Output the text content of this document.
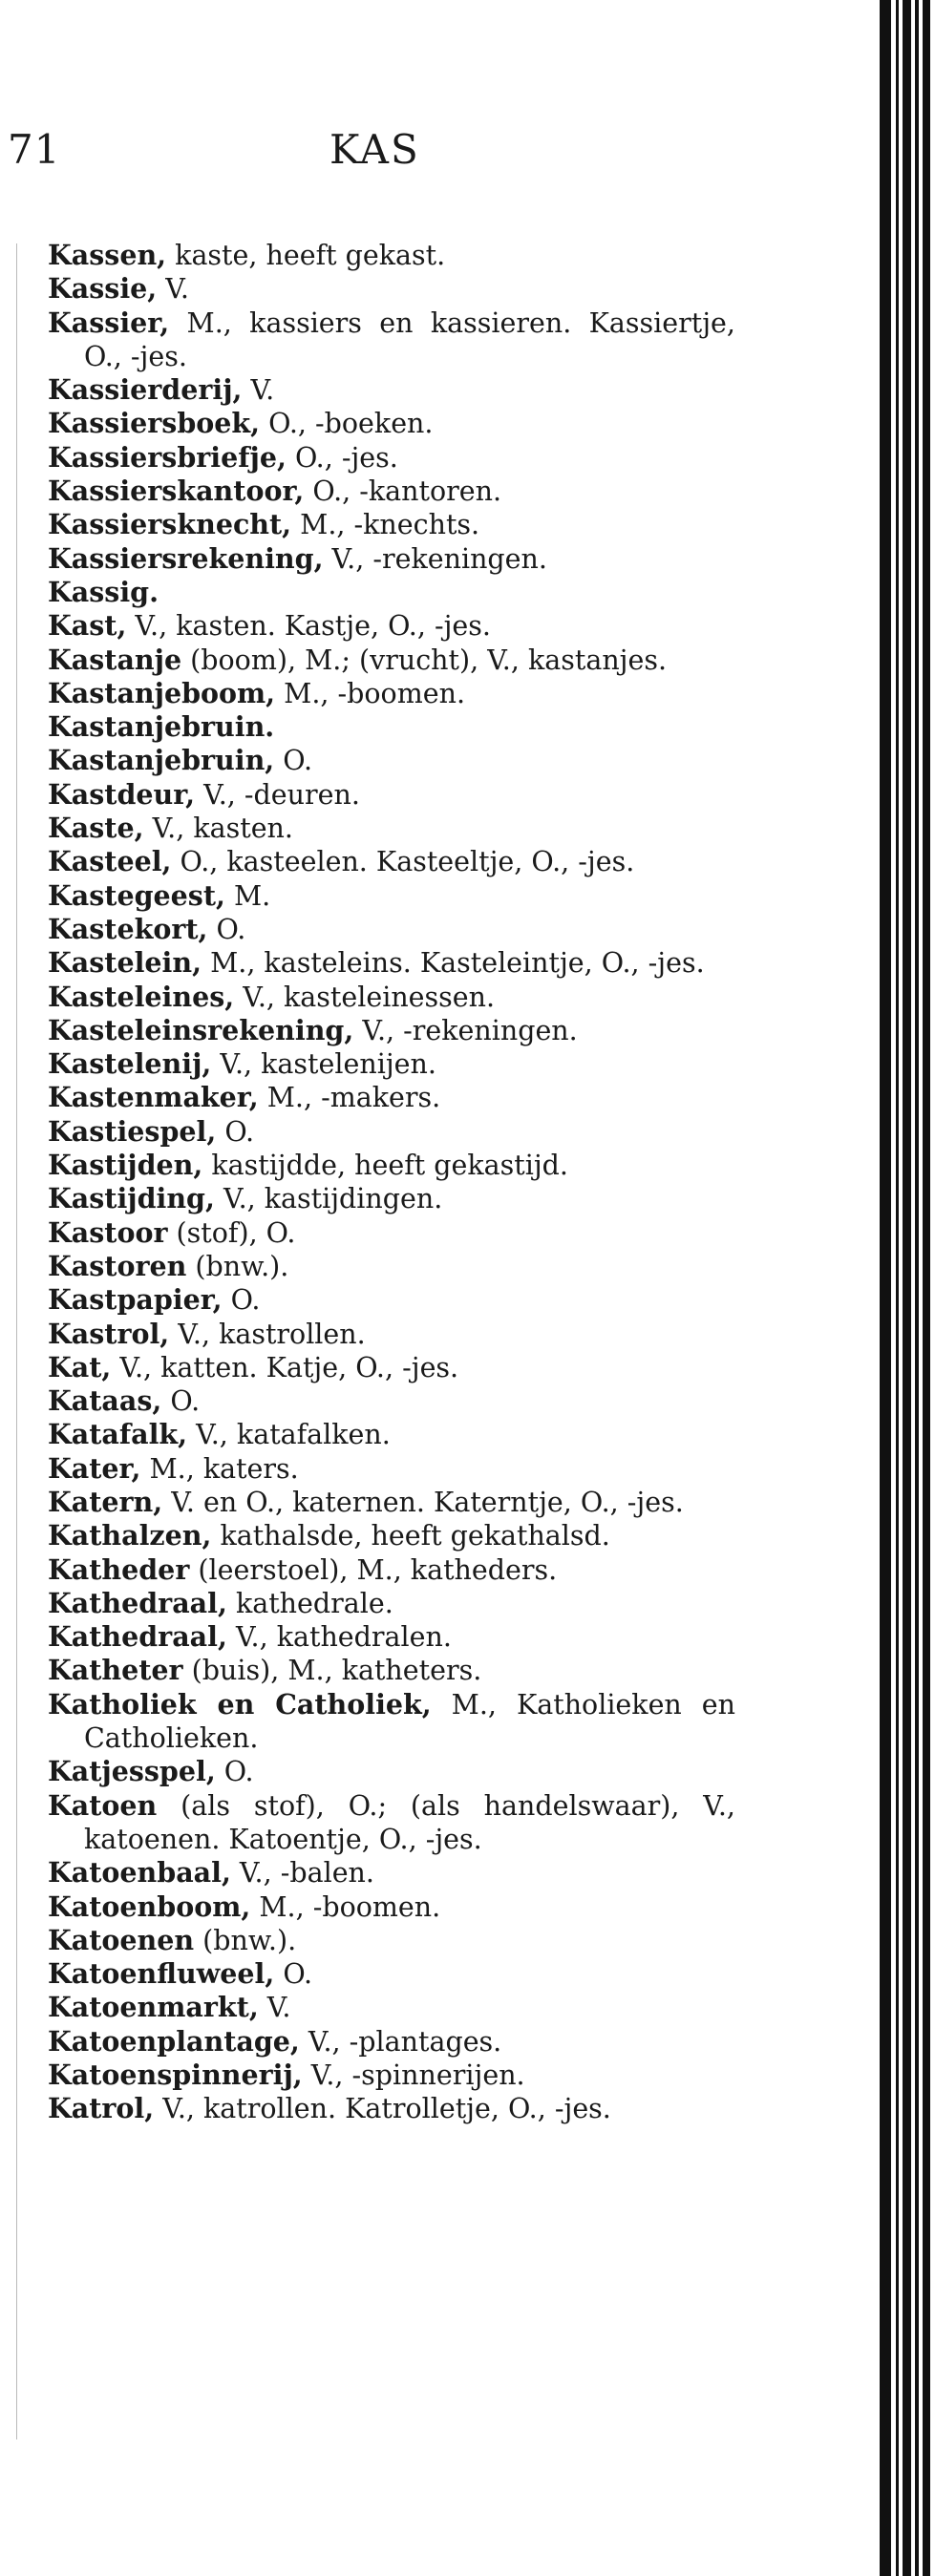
71	KAS
Kassen, kaste, heeft gekast.
Kassie, V.
Kassier, M., kassiers en kassieren. Kassiertje, O., -jes.
Kassierderij, V.
Kassiersboek, O., -boeken.
Kassiersbriefje, O., -jes.
Kassierskantoor, O., -kantoren.
Kassiersknecht, M., -knechts.
Kassiersrekening, V., -rekeningen.
Kassig.
Kast, V., kasten. Kastje, O., -jes.
Kastanje (boom), M.; (vrucht), V., kastanjes.
Kastanjeboom, M., -boomen.
Kastanjebruin.
Kastanjebruin, O.
Kastdeur, V., -deuren.
Kaste, V., kasten.
Kasteel, O., kasteelen. Kasteeltje, O., -jes.
Kastegeest, M.
Kastekort, O.
Kastelein, M., kasteleins. Kasteleintje, O., -jes.
Kasteleines, V., kasteleinessen.
Kasteleinsrekening, V., -rekeningen.
Kastelenij, V., kastelenijen.
Kastenmaker, M., -makers.
Kastiespel, O.
Kastijden, kastijdde, heeft gekastijd.
Kastijding, V., kastijdingen.
Kastoor (stof), O.
Kastoren (bnw.).
Kastpapier, O.
Kastrol, V., kastrollen.
Kat, V., katten. Katje, O., -jes.
Kataas, O.
Katafalk, V., katafalken.
Kater, M., katers.
Katern, V. en O., katernen. Katerntje, O., -jes.
Kathalzen, kathalsde, heeft gekathalsd.
Katheder (leerstoel), M., katheders.
Kathedraal, kathedrale.
Kathedraal, V., kathedralen.
Katheter (buis), M., katheters.
Katholiek en Catholiek, M., Katholieken en Catholieken.
Katjesspel, O.
Katoen (als stof), O.; (als handelswaar), V., katoenen. Katoentje, O., -jes.
Katoenbaal, V., -balen.
Katoenboom, M., -boomen.
Katoenen (bnw.).
Katoenfluweel, O.
Katoenmarkt, V.
Katoenplantage, V., -plantages.
Katoenspinnerij, V., -spinnerijen.
Katrol, V., katrollen. Katrolletje, O., -jes.
